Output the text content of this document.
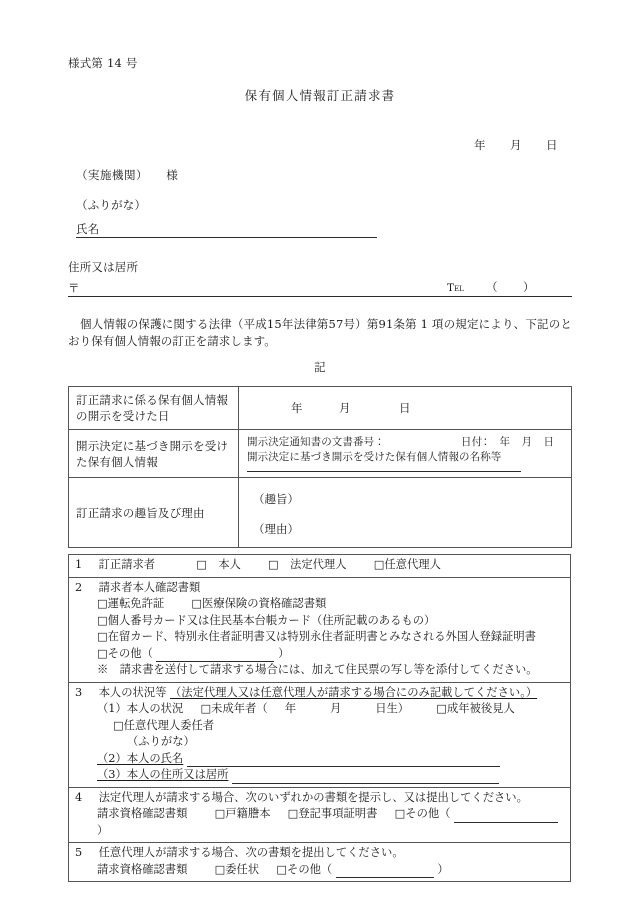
様式第 14 号
保有個人情報訂正請求書
年　　月　　日
（実施機関）　　様
（ふりがな）
氏名
住所又は居所
〒	Tel （ ）
個人情報の保護に関する法律（平成15年法律第57号）第91条第 1 項の規定により、下記のとおり保有個人情報の訂正を請求します。
記
訂正請求に係る保有個人情報の開示を受けた日	年　　　月　　　　日

開示決定に基づき開示を受けた保有個人情報	開示決定通知書の文書番号： 日付：　年　月　日
開示決定に基づき開示を受けた保有個人情報の名称等

訂正請求の趣旨及び理由	（趣旨）
（理由）
1 訂正請求者	□　本人 □　法定代理人 □任意代理人

2 請求者本人確認書類
□運転免許証 □医療保険の資格確認書類
□個人番号カード又は住民基本台帳カード（住所記載のあるもの）
□在留カード、特別永住者証明書又は特別永住者証明書とみなされる外国人登録証明書
□その他（	）
※　請求書を送付して請求する場合には、加えて住民票の写し等を添付してください。

3 本人の状況等 （法定代理人又は任意代理人が請求する場合にのみ記載してください。）
（1）本人の状況 □未成年者（ 年　　　月　　　日生） □成年被後見人
□任意代理人委任者
（ふりがな）
（2）本人の氏名
（3）本人の住所又は居所

4 法定代理人が請求する場合、次のいずれかの書類を提示し、又は提出してください。
請求資格確認書類 □戸籍謄本 □登記事項証明書 □その他（  ）

5 任意代理人が請求する場合、次の書類を提出してください。
請求資格確認書類 □委任状 □その他（	）
